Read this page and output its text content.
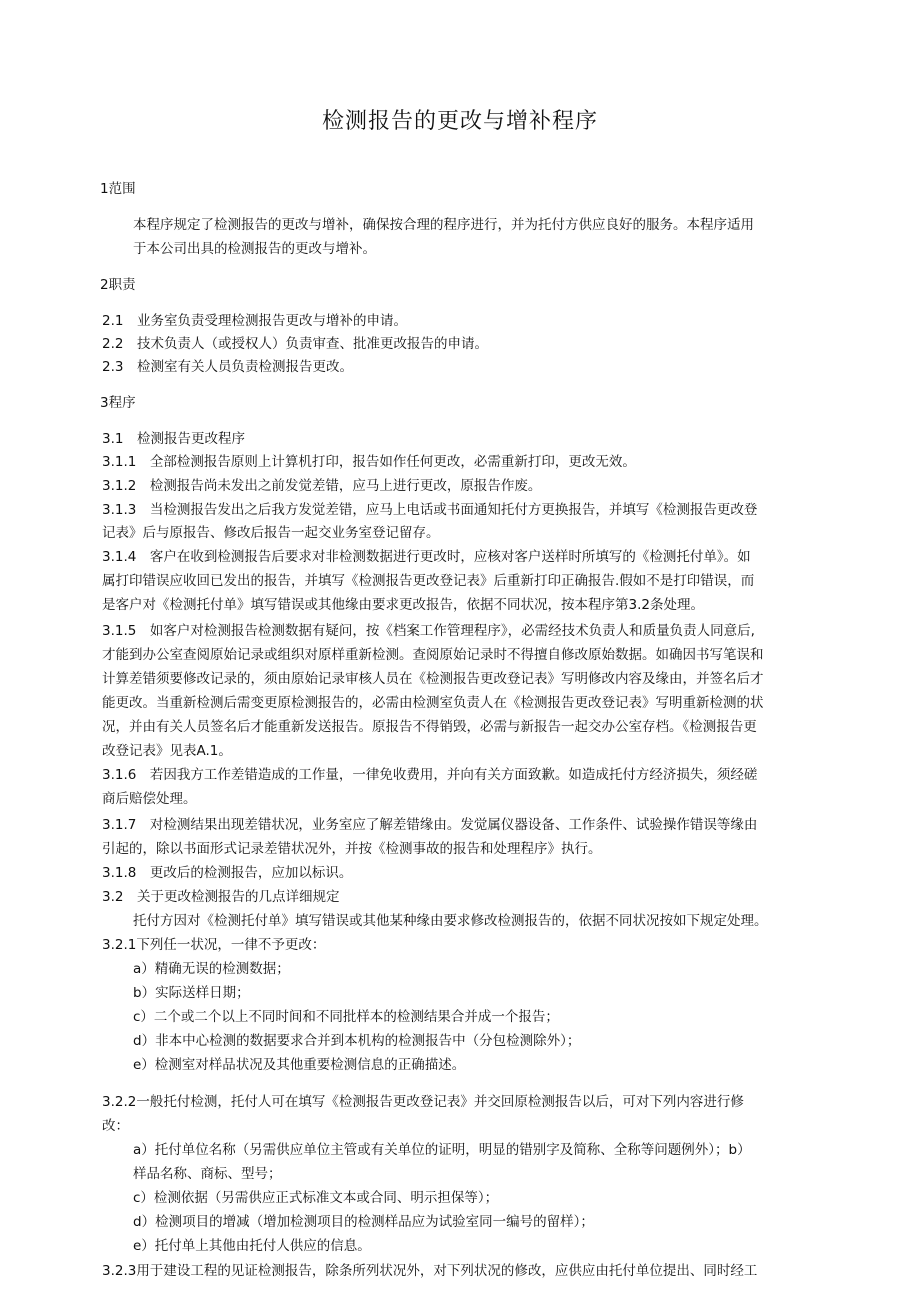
检测报告的更改与增补程序
1范围
本程序规定了检测报告的更改与增补，确保按合理的程序进行，并为托付方供应良好的服务。本程序适用
于本公司出具的检测报告的更改与增补。
2职责
2.1　业务室负责受理检测报告更改与增补的申请。
2.2　技术负责人（或授权人）负责审查、批准更改报告的申请。
2.3　检测室有关人员负责检测报告更改。
3程序
3.1　检测报告更改程序
3.1.1　全部检测报告原则上计算机打印，报告如作任何更改，必需重新打印，更改无效。
3.1.2　检测报告尚未发出之前发觉差错，应马上进行更改，原报告作废。
3.1.3　当检测报告发出之后我方发觉差错，应马上电话或书面通知托付方更换报告，并填写《检测报告更改登
记表》后与原报告、修改后报告一起交业务室登记留存。
3.1.4　客户在收到检测报告后要求对非检测数据进行更改时，应核对客户送样时所填写的《检测托付单》。如
属打印错误应收回已发出的报告，并填写《检测报告更改登记表》后重新打印正确报告.假如不是打印错误，而
是客户对《检测托付单》填写错误或其他缘由要求更改报告，依据不同状况，按本程序第3.2条处理。
3.1.5　如客户对检测报告检测数据有疑问，按《档案工作管理程序》，必需经技术负责人和质量负责人同意后,
才能到办公室查阅原始记录或组织对原样重新检测。查阅原始记录时不得擅自修改原始数据。如确因书写笔误和
计算差错须要修改记录的，须由原始记录审核人员在《检测报告更改登记表》写明修改内容及缘由，并签名后才
能更改。当重新检测后需变更原检测报告的，必需由检测室负责人在《检测报告更改登记表》写明重新检测的状
况，并由有关人员签名后才能重新发送报告。原报告不得销毁，必需与新报告一起交办公室存档。《检测报告更
改登记表》见表A.1。
3.1.6　若因我方工作差错造成的工作量，一律免收费用，并向有关方面致歉。如造成托付方经济损失，须经磋
商后赔偿处理。
3.1.7　对检测结果出现差错状况，业务室应了解差错缘由。发觉属仪器设备、工作条件、试验操作错误等缘由
引起的，除以书面形式记录差错状况外，并按《检测事故的报告和处理程序》执行。
3.1.8　更改后的检测报告，应加以标识。
3.2　关于更改检测报告的几点详细规定
托付方因对《检测托付单》填写错误或其他某种缘由要求修改检测报告的，依据不同状况按如下规定处理。
3.2.1下列任一状况，一律不予更改：
a）精确无误的检测数据；
b）实际送样日期；
c）二个或二个以上不同时间和不同批样本的检测结果合并成一个报告；
d）非本中心检测的数据要求合并到本机构的检测报告中（分包检测除外）；
e）检测室对样品状况及其他重要检测信息的正确描述。
3.2.2一般托付检测，托付人可在填写《检测报告更改登记表》并交回原检测报告以后，可对下列内容进行修
改：
a）托付单位名称（另需供应单位主管或有关单位的证明，明显的错别字及简称、全称等问题例外）；b）
样品名称、商标、型号；
c）检测依据（另需供应正式标准文本或合同、明示担保等）；
d）检测项目的增减（增加检测项目的检测样品应为试验室同一编号的留样）；
e）托付单上其他由托付人供应的信息。
3.2.3用于建设工程的见证检测报告，除条所列状况外，对下列状况的修改，应供应由托付单位提出、同时经工
